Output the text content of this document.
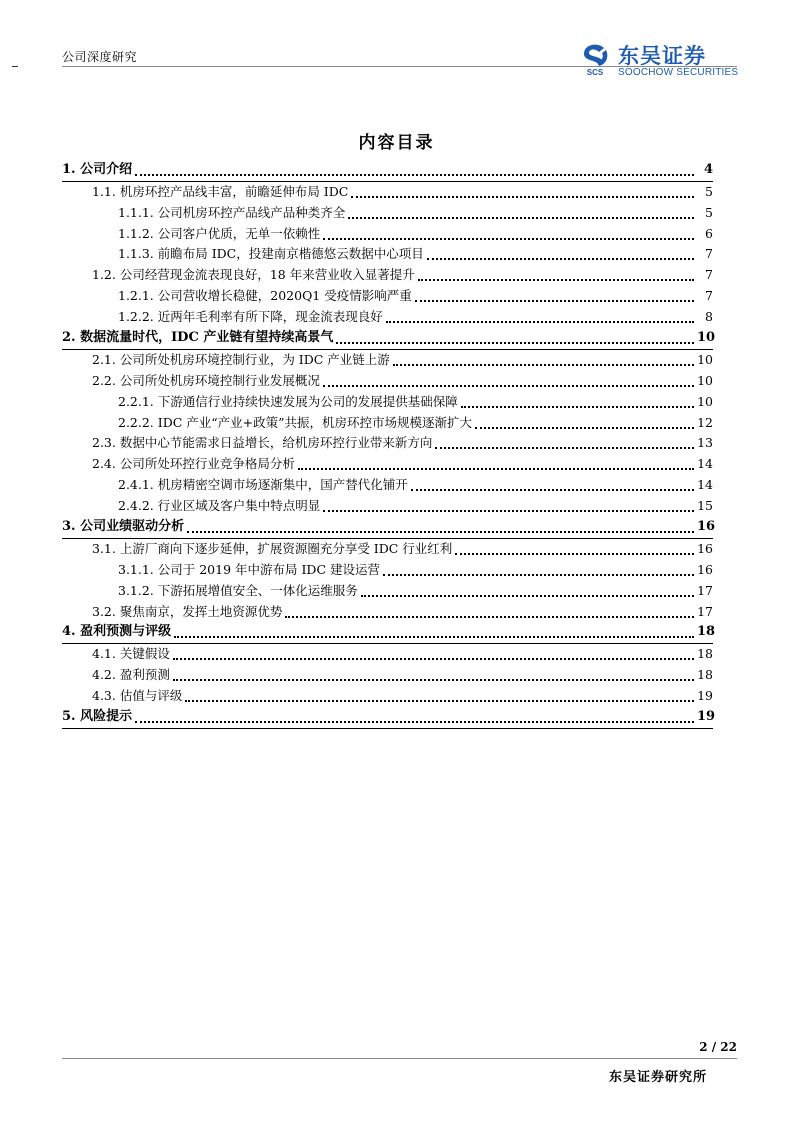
公司深度研究
SCS
东吴证券
SOOCHOW SECURITIES
内容目录
1. 公司介绍	4
1.1. 机房环控产品线丰富，前瞻延伸布局 IDC	5
1.1.1. 公司机房环控产品线产品种类齐全	5
1.1.2. 公司客户优质，无单一依赖性	6
1.1.3. 前瞻布局 IDC，投建南京楷德悠云数据中心项目	7
1.2. 公司经营现金流表现良好，18 年来营业收入显著提升	7
1.2.1. 公司营收增长稳健，2020Q1 受疫情影响严重	7
1.2.2. 近两年毛利率有所下降，现金流表现良好	8
2. 数据流量时代，IDC 产业链有望持续高景气	10
2.1. 公司所处机房环境控制行业，为 IDC 产业链上游	10
2.2. 公司所处机房环境控制行业发展概况	10
2.2.1. 下游通信行业持续快速发展为公司的发展提供基础保障	10
2.2.2. IDC 产业“产业+政策”共振，机房环控市场规模逐渐扩大	12
2.3. 数据中心节能需求日益增长，给机房环控行业带来新方向	13
2.4. 公司所处环控行业竞争格局分析	14
2.4.1. 机房精密空调市场逐渐集中，国产替代化铺开	14
2.4.2. 行业区域及客户集中特点明显	15
3. 公司业绩驱动分析	16
3.1. 上游厂商向下逐步延伸，扩展资源圈充分享受 IDC 行业红利	16
3.1.1. 公司于 2019 年中游布局 IDC 建设运营	16
3.1.2. 下游拓展增值安全、一体化运维服务	17
3.2. 聚焦南京，发挥土地资源优势	17
4. 盈利预测与评级	18
4.1. 关键假设	18
4.2. 盈利预测	18
4.3. 估值与评级	19
5. 风险提示	19
2 / 22
东吴证券研究所
